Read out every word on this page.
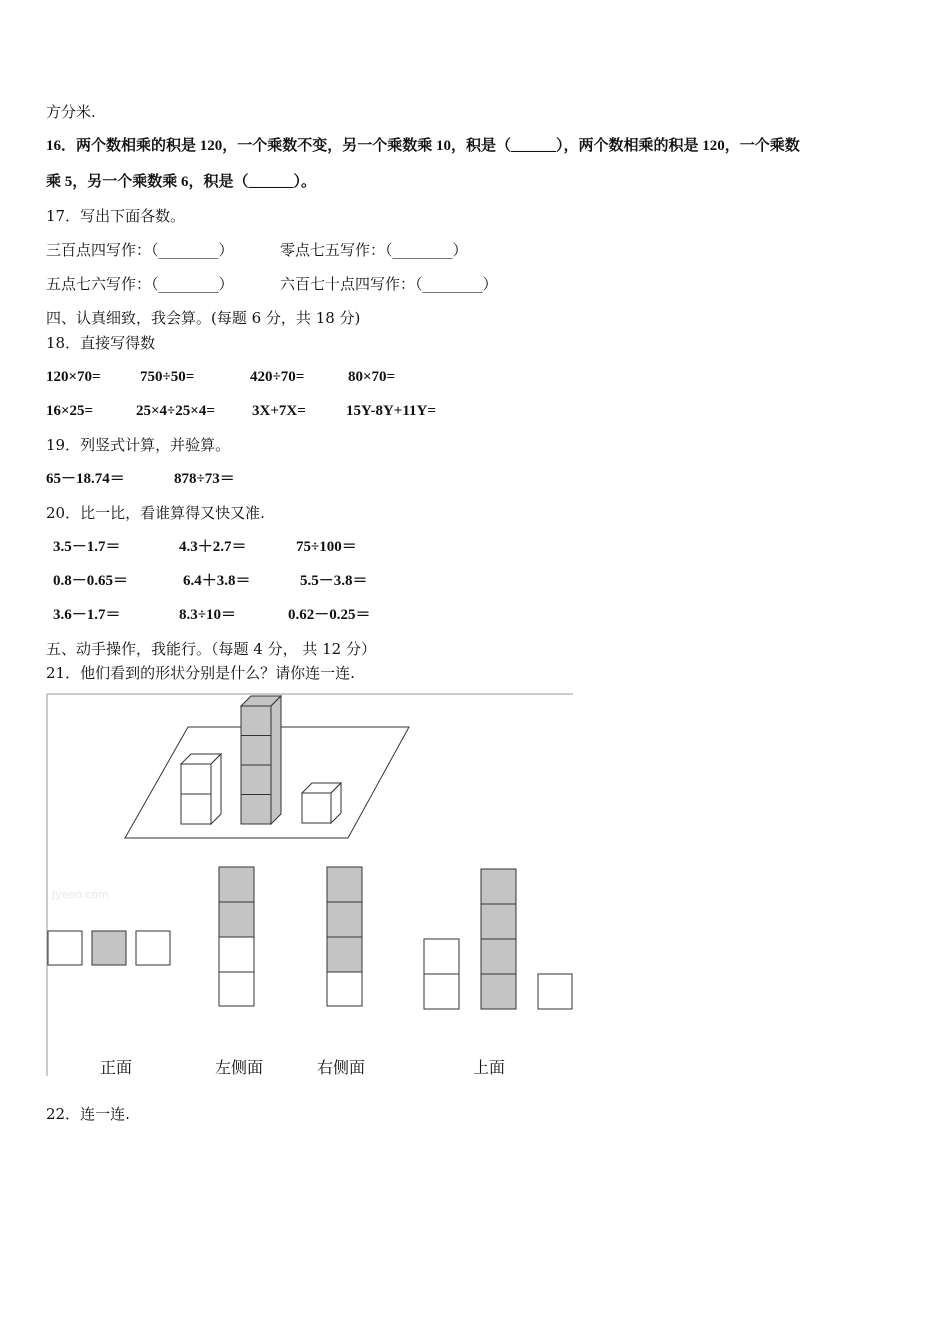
方分米.
16．两个数相乘的积是 120，一个乘数不变，另一个乘数乘 10，积是（______），两个数相乘的积是 120，一个乘数
乘 5，另一个乘数乘 6，积是（______）。
17．写出下面各数。
三百点四写作：（________）	零点七五写作：（________）
五点七六写作：（________）	六百七十点四写作：（________）
四、认真细致，我会算。(每题 6 分，共 18 分)
18．直接写得数
120×70=	750÷50=	420÷70=	80×70=
16×25=	25×4÷25×4= 3X+7X=	15Y-8Y+11Y=
19．列竖式计算，并验算。
65－18.74＝	878÷73＝
20．比一比，看谁算得又快又准.
3.5－1.7＝	4.3＋2.7＝	75÷100＝
0.8－0.65＝	6.4＋3.8＝	5.5－3.8＝
3.6－1.7＝	8.3÷10＝	0.62－0.25＝
五、动手操作，我能行。（每题 4 分， 共 12 分）
21．他们看到的形状分别是什么？请你连一连.
Jyeoo.com
正面	左侧面	右侧面	上面
22．连一连.
